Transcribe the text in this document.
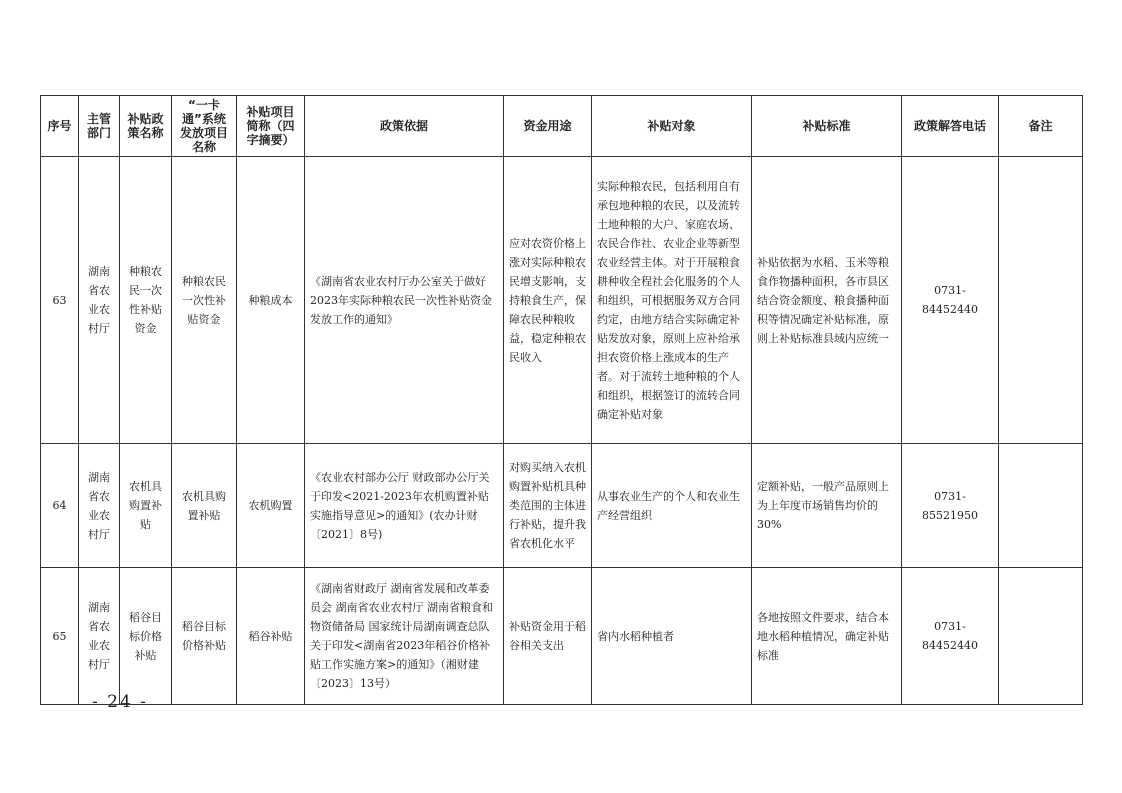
序号	主管部门	补贴政策名称	“一卡通”系统发放项目名称	补贴项目简称（四字摘要）	政策依据	资金用途	补贴对象	补贴标准	政策解答电话	备注
63	湖南省农业农村厅	种粮农民一次性补贴资金	种粮农民一次性补贴资金	种粮成本	《湖南省农业农村厅办公室关于做好2023年实际种粮农民一次性补贴资金发放工作的通知》	应对农资价格上涨对实际种粮农民增支影响，支持粮食生产，保障农民种粮收益，稳定种粮农民收入	实际种粮农民，包括利用自有承包地种粮的农民，以及流转土地种粮的大户、家庭农场、农民合作社、农业企业等新型农业经营主体。对于开展粮食耕种收全程社会化服务的个人和组织，可根据服务双方合同约定，由地方结合实际确定补贴发放对象，原则上应补给承担农资价格上涨成本的生产者。对于流转土地种粮的个人和组织，根据签订的流转合同确定补贴对象	补贴依据为水稻、玉米等粮食作物播种面积，各市县区结合资金额度、粮食播种面积等情况确定补贴标准，原则上补贴标准县域内应统一	0731-84452440	
64	湖南省农业农村厅	农机具购置补贴	农机具购置补贴	农机购置	《农业农村部办公厅 财政部办公厅关于印发<2021-2023年农机购置补贴实施指导意见>的通知》(农办计财〔2021〕8号)	对购买纳入农机购置补贴机具种类范围的主体进行补贴，提升我省农机化水平	从事农业生产的个人和农业生产经营组织	定额补贴，一般产品原则上为上年度市场销售均价的30%	0731-85521950	
65	湖南省农业农村厅	稻谷目标价格补贴	稻谷目标价格补贴	稻谷补贴	《湖南省财政厅 湖南省发展和改革委员会 湖南省农业农村厅 湖南省粮食和物资储备局 国家统计局湖南调查总队关于印发<湖南省2023年稻谷价格补贴工作实施方案>的通知》（湘财建〔2023〕13号）	补贴资金用于稻谷相关支出	省内水稻种植者	各地按照文件要求，结合本地水稻种植情况，确定补贴标准	0731-84452440	
- 24 -
